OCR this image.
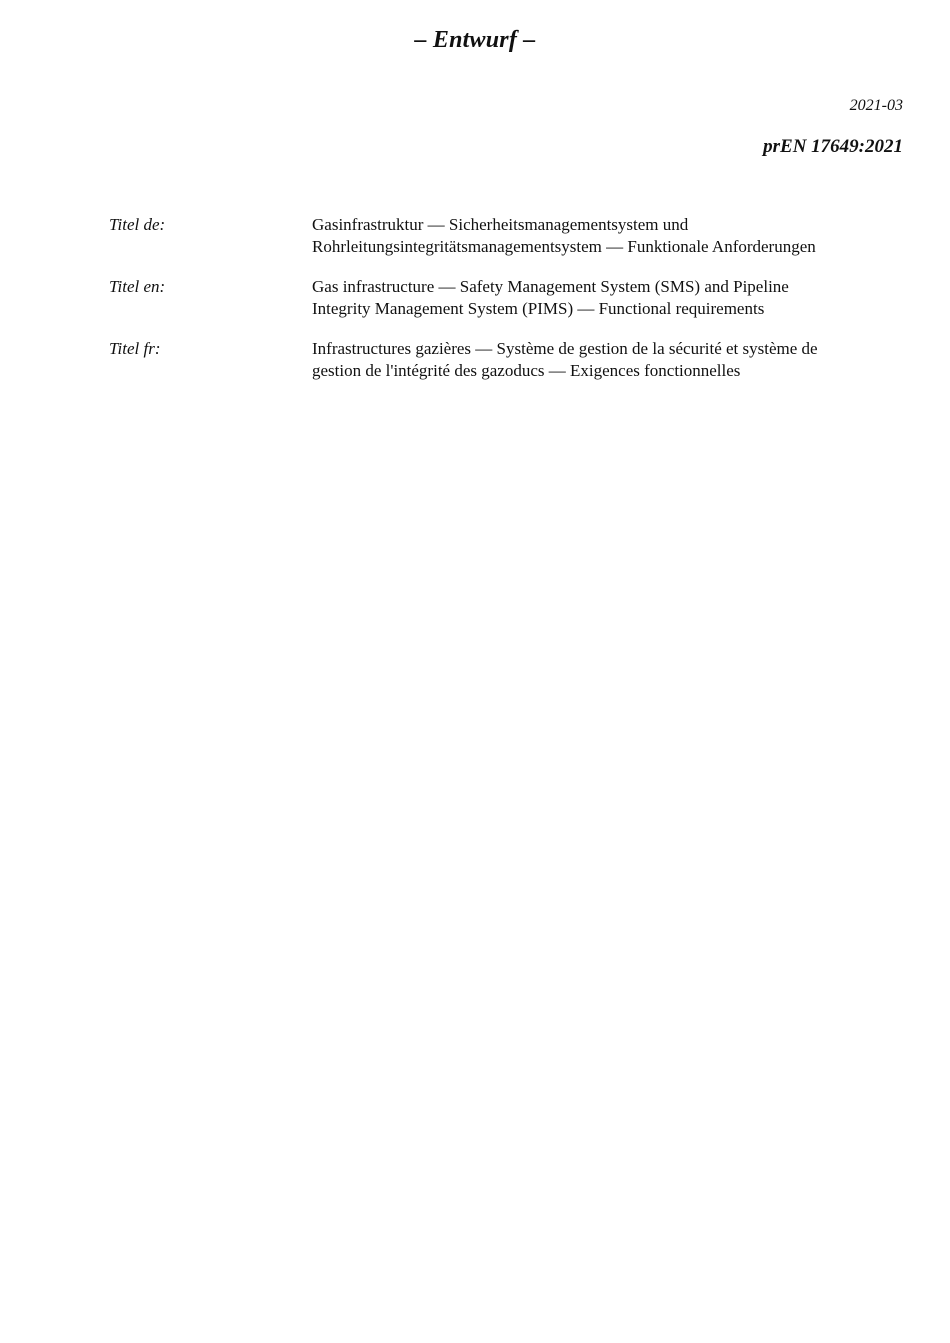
– Entwurf –
2021-03
prEN 17649:2021
Titel de:	Gasinfrastruktur — Sicherheitsmanagementsystem und
Rohrleitungsintegritätsmanagementsystem — Funktionale Anforderungen
Titel en:	Gas infrastructure — Safety Management System (SMS) and Pipeline
Integrity Management System (PIMS) — Functional requirements
Titel fr:	Infrastructures gazières — Système de gestion de la sécurité et système de
gestion de l'intégrité des gazoducs — Exigences fonctionnelles
